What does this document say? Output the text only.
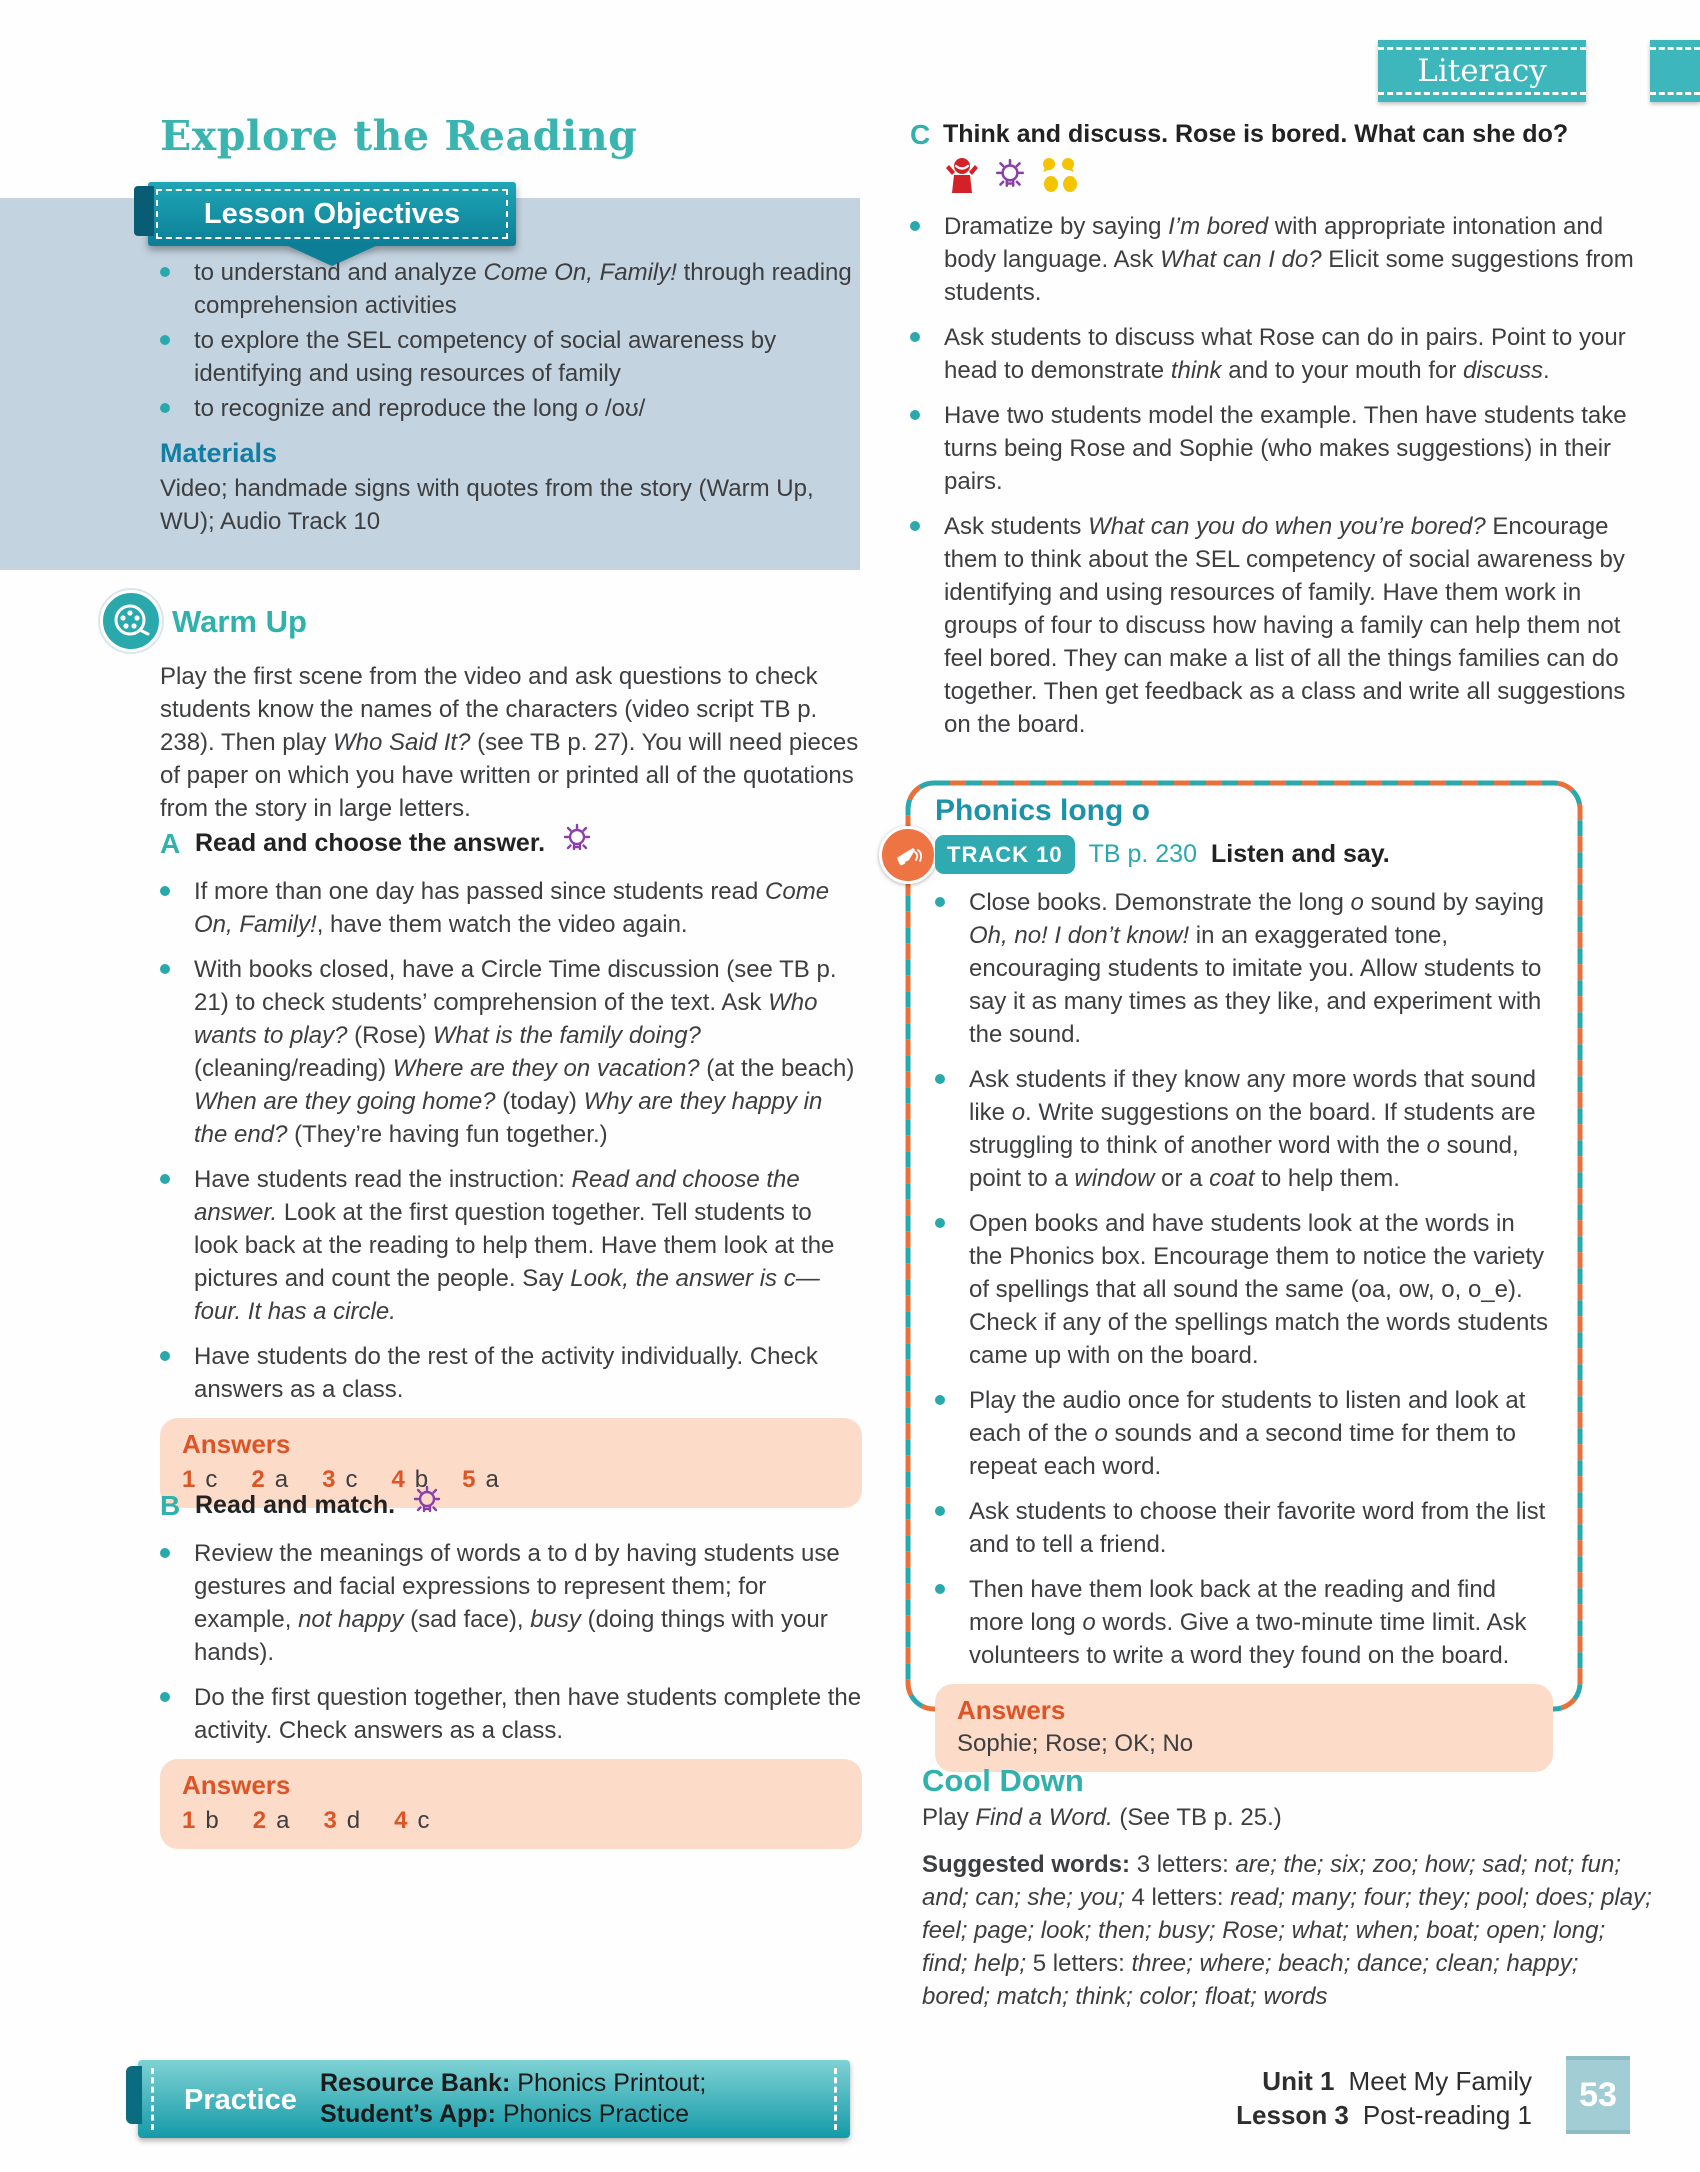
Literacy
Explore the Reading
Lesson Objectives
to understand and analyze Come On, Family! through reading comprehension activities
to explore the SEL competency of social awareness by identifying and using resources of family
to recognize and reproduce the long o /oʊ/
Materials

Video; handmade signs with quotes from the story (Warm Up, WU); Audio Track 10

Warm Up

Play the first scene from the video and ask questions to check students know the names of the characters (video script TB p. 238). Then play Who Said It? (see TB p. 27). You will need pieces of paper on which you have written or printed all of the quotations from the story in large letters.

A Read and choose the answer.
If more than one day has passed since students read Come On, Family!, have them watch the video again.
With books closed, have a Circle Time discussion (see TB p. 21) to check students’ comprehension of the text. Ask Who wants to play? (Rose) What is the family doing? (cleaning/reading) Where are they on vacation? (at the beach) When are they going home? (today) Why are they happy in the end? (They’re having fun together.)
Have students read the instruction: Read and choose the answer. Look at the first question together. Tell students to look back at the reading to help them. Have them look at the pictures and count the people. Say Look, the answer is c—four. It has a circle.
Have students do the rest of the activity individually. Check answers as a class.
Answers
1 c 2 a 3 c 4 b 5 a
B Read and match.
Review the meanings of words a to d by having students use gestures and facial expressions to represent them; for example, not happy (sad face), busy (doing things with your hands).
Do the first question together, then have students complete the activity. Check answers as a class.
Answers
1 b 2 a 3 d 4 c
C Think and discuss. Rose is bored. What can she do?
Dramatize by saying I’m bored with appropriate intonation and body language. Ask What can I do? Elicit some suggestions from students.
Ask students to discuss what Rose can do in pairs. Point to your head to demonstrate think and to your mouth for discuss.
Have two students model the example. Then have students take turns being Rose and Sophie (who makes suggestions) in their pairs.
Ask students What can you do when you’re bored? Encourage them to think about the SEL competency of social awareness by identifying and using resources of family. Have them work in groups of four to discuss how having a family can help them not feel bored. They can make a list of all the things families can do together. Then get feedback as a class and write all suggestions on the board.
Phonics long o
TRACK 10	TB p. 230 Listen and say.
Close books. Demonstrate the long o sound by saying Oh, no! I don’t know! in an exaggerated tone, encouraging students to imitate you. Allow students to say it as many times as they like, and experiment with the sound.
Ask students if they know any more words that sound like o. Write suggestions on the board. If students are struggling to think of another word with the o sound, point to a window or a coat to help them.
Open books and have students look at the words in the Phonics box. Encourage them to notice the variety of spellings that all sound the same (oa, ow, o, o_e). Check if any of the spellings match the words students came up with on the board.
Play the audio once for students to listen and look at each of the o sounds and a second time for them to repeat each word.
Ask students to choose their favorite word from the list and to tell a friend.
Then have them look back at the reading and find more long o words. Give a two-minute time limit. Ask volunteers to write a word they found on the board.
Answers
Sophie; Rose; OK; No
Cool Down

Play Find a Word. (See TB p. 25.)

Suggested words: 3 letters: are; the; six; zoo; how; sad; not; fun; and; can; she; you; 4 letters: read; many; four; they; pool; does; play; feel; page; look; then; busy; Rose; what; when; boat; open; long; find; help; 5 letters: three; where; beach; dance; clean; happy; bored; match; think; color; float; words

Practice
Resource Bank: Phonics Printout;
Student’s App: Phonics Practice
Unit 1 Meet My Family
Lesson 3 Post-reading 1
53
